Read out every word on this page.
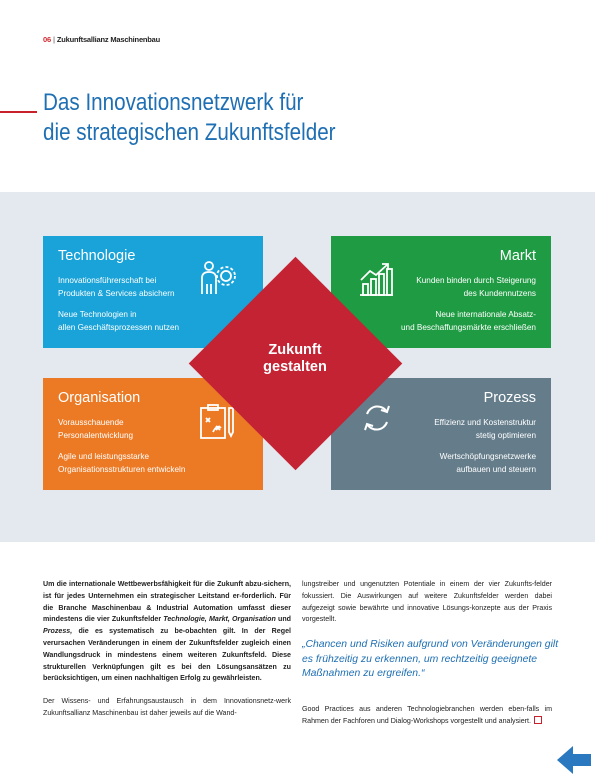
06 | Zukunftsallianz Maschinenbau
Das Innovationsnetzwerk für
die strategischen Zukunftsfelder
Technologie
Innovationsführerschaft bei
Produkten & Services absichern
Neue Technologien in
allen Geschäftsprozessen nutzen
Markt
Kunden binden durch Steigerung
des Kundennutzens
Neue internationale Absatz-
und Beschaffungsmärkte erschließen
Organisation
Vorausschauende
Personalentwicklung
Agile und leistungsstarke
Organisationsstrukturen entwickeln
Prozess
Effizienz und Kostenstruktur
stetig optimieren
Wertschöpfungsnetzwerke
aufbauen und steuern
Zukunft
gestalten

Um die internationale Wettbewerbsfähigkeit für die Zukunft abzu-sichern, ist für jedes Unternehmen ein strategischer Leitstand er-forderlich. Für die Branche Maschinenbau & Industrial Automation umfasst dieser mindestens die vier Zukunftsfelder Technologie, Markt, Organisation und Prozess, die es systematisch zu be-obachten gilt. In der Regel verursachen Veränderungen in einem der Zukunftsfelder zugleich einen Wandlungsdruck in mindestens einem weiteren Zukunftsfeld. Diese strukturellen Verknüpfungen gilt es bei den Lösungsansätzen zu berücksichtigen, um einen nachhaltigen Erfolg zu gewährleisten.

Der Wissens- und Erfahrungsaustausch in dem Innovationsnetz-werk Zukunftsallianz Maschinenbau ist daher jeweils auf die Wand-

lungstreiber und ungenutzten Potentiale in einem der vier Zukunfts-felder fokussiert. Die Auswirkungen auf weitere Zukunftsfelder werden dabei aufgezeigt sowie bewährte und innovative Lösungs-konzepte aus der Praxis vorgestellt.

„Chancen und Risiken aufgrund von Veränderungen gilt es frühzeitig zu erkennen, um rechtzeitig geeignete Maßnahmen zu ergreifen.“
Good Practices aus anderen Technologiebranchen werden eben-falls im Rahmen der Fachforen und Dialog-Workshops vorgestellt und analysiert.
